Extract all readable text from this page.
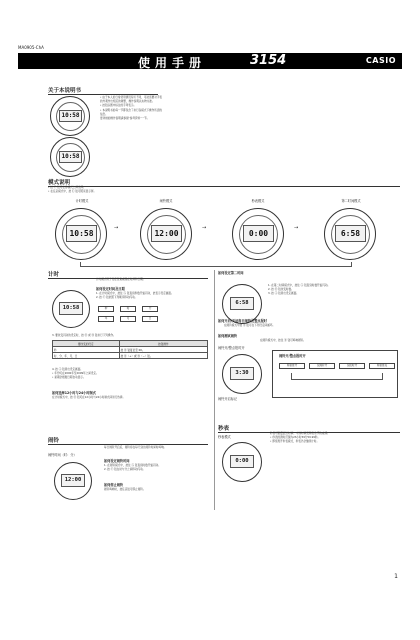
MA0905-ChA
使用手册	3154	CASIO
关于本说明书
10:58
10:58
• 由于本人的日常使用情况有所不同，可能需要对手表的外观作出相应的调整，操作说明以实物为准。
• 按钮以图中标注的字母表示。
• 本说明书的每一节都包含了执行各模式下操作所需的信息。
更详细的操作说明请参阅“参考资料”一节。
模式说明
• 按 Ⓒ 钮可在各模式之间选择。
• 在任意模式中，按 Ⓛ 钮可照亮显示屏。
计时模式	闹铃模式	秒表模式	第二时间模式
10:58
→
12:00
→
0:00
→
6:58
计时
计时模式用于设定及查看现在时间和日期。
10:58
如何设定时间及日期
1. 在计时模式中，按住 Ⓐ 钮直到秒数开始闪动，此表示设定画面。
2. 按 Ⓒ 钮依照下列顺序移动闪动。
秒	时	分
年	月	日
3. 要改变闪动的设定时，按 Ⓓ 或 Ⓑ 钮执行下列操作。
要改变的设定	按钮操作
秒	按 Ⓓ 钮复位至 00。
时、分、年、月、日	按 Ⓓ（+）或 Ⓑ（−）钮。
4. 按 Ⓐ 钮退出设定画面。
• 年份可在2000年至2099年之间设定。
• 星期会根据日期自动显示。
如何选择12小时与24小时制式
在计时模式中，按 Ⓓ 钮可在12小时与24小时制式间进行选择。
闹铃
闹铃时间（时：分）
12:00
每日闹铃开启后，闹铃将在每天到达闹铃时间时鸣响。
如何设定闹铃时间
1. 在闹铃模式中，按住 Ⓐ 钮直到时数开始闪动。
2. 按 Ⓒ 钮在时与分之间移动闪动。
如何停止闹铃
闹铃鸣响时，按任意钮可停止闹铃。
如何设定第二时间
6:58
1. 在第二时间模式中，按住 Ⓐ 钮直到时数开始闪动。
2. 按 Ⓓ 钮改变时数。
3. 按 Ⓐ 钮退出设定画面。
如何开启/关闭每日闹铃及整点报时
在闹铃模式中按 Ⓓ 钮可在下列设定间循环。
如何测试闹铃
在闹铃模式中，按住 Ⓓ 钮可鸣响闹铃。
闹铃开/整点报时开
3:30
闹铃开启标记
闹铃开/整点报时开
两者皆开	仅闹铃开	仅报时开	两者皆关
秒表
秒表模式
0:00
秒表可测量经过时间、中途时间及两名选手的成绩。
• 秒表的测时范围为23小时59分59.99秒。
• 即使离开秒表模式，秒表仍会继续计时。
1
